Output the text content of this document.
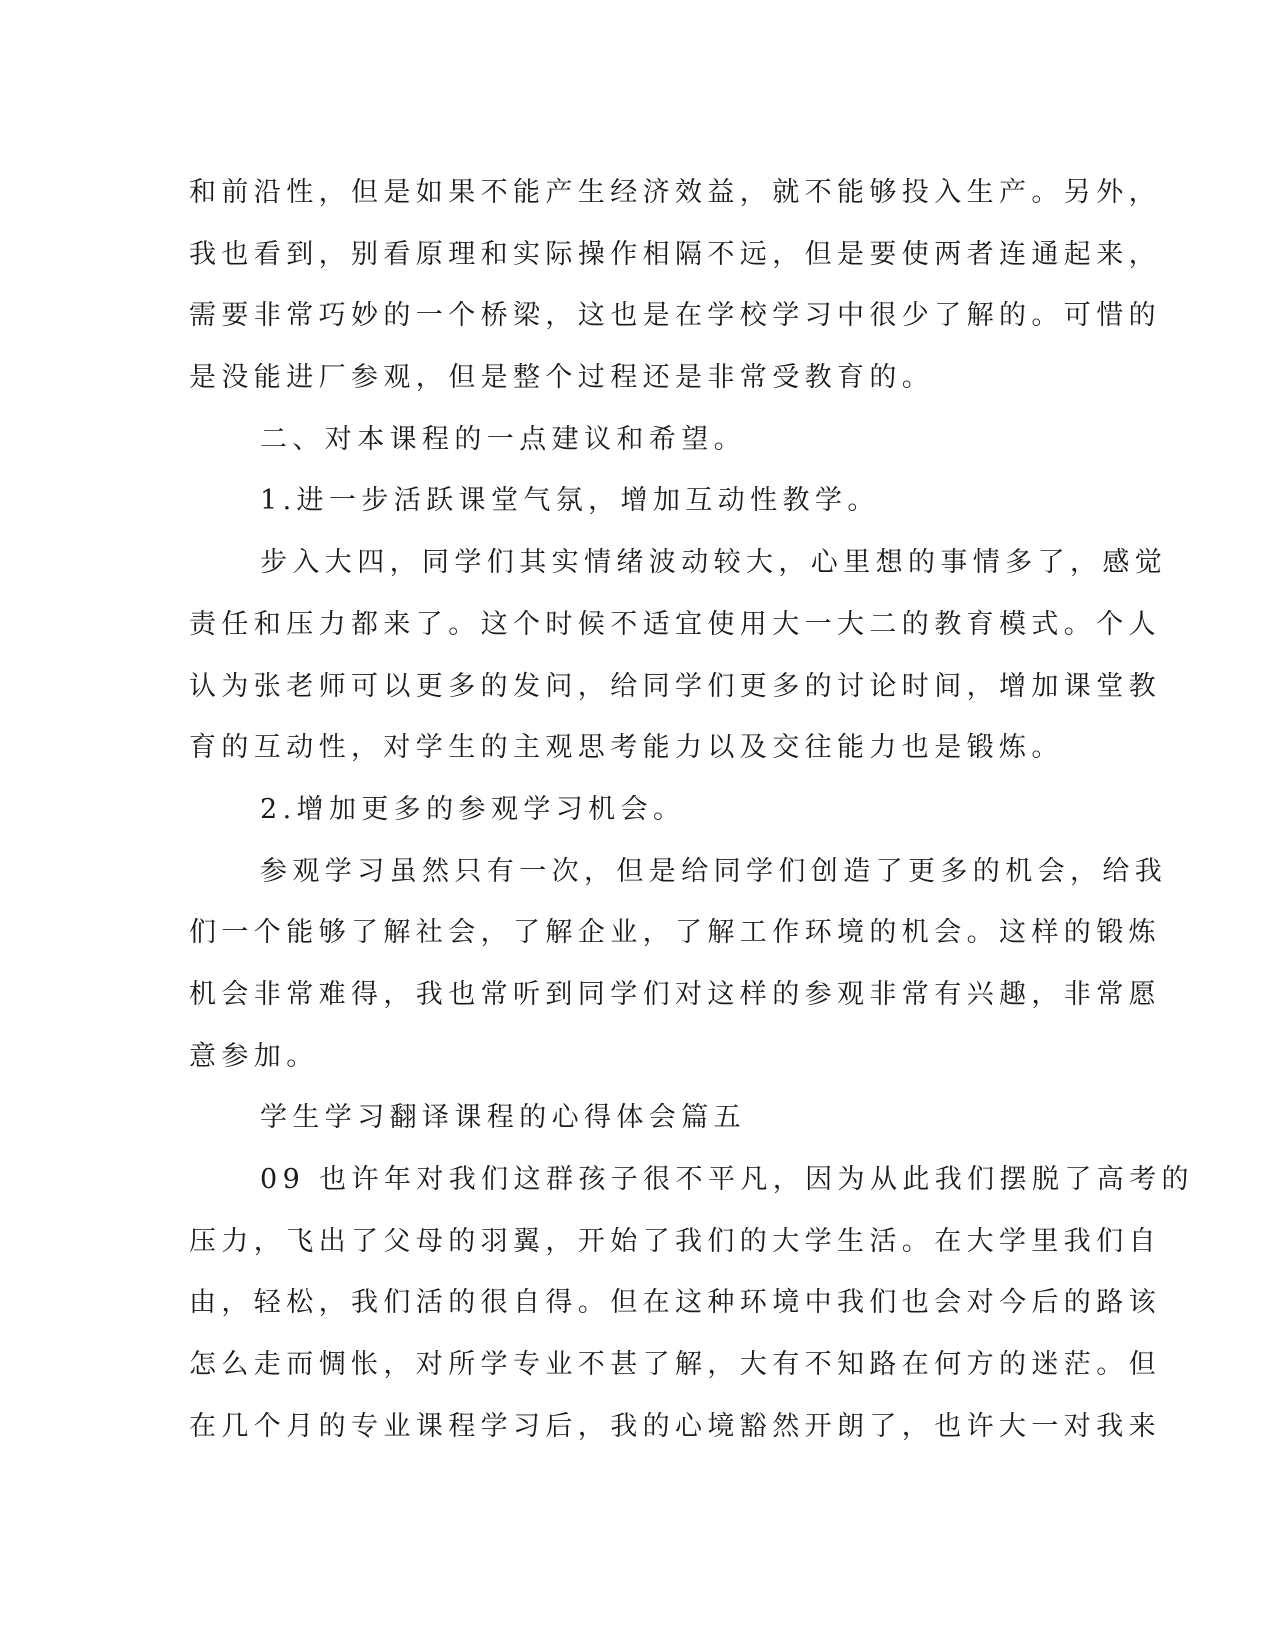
和前沿性，但是如果不能产生经济效益，就不能够投入生产。另外，
我也看到，别看原理和实际操作相隔不远，但是要使两者连通起来，
需要非常巧妙的一个桥梁，这也是在学校学习中很少了解的。可惜的
是没能进厂参观，但是整个过程还是非常受教育的。
二、对本课程的一点建议和希望。
1.进一步活跃课堂气氛，增加互动性教学。
步入大四，同学们其实情绪波动较大，心里想的事情多了，感觉
责任和压力都来了。这个时候不适宜使用大一大二的教育模式。个人
认为张老师可以更多的发问，给同学们更多的讨论时间，增加课堂教
育的互动性，对学生的主观思考能力以及交往能力也是锻炼。
2.增加更多的参观学习机会。
参观学习虽然只有一次，但是给同学们创造了更多的机会，给我
们一个能够了解社会，了解企业，了解工作环境的机会。这样的锻炼
机会非常难得，我也常听到同学们对这样的参观非常有兴趣，非常愿
意参加。
学生学习翻译课程的心得体会篇五
09 也许年对我们这群孩子很不平凡，因为从此我们摆脱了高考的
压力，飞出了父母的羽翼，开始了我们的大学生活。在大学里我们自
由，轻松，我们活的很自得。但在这种环境中我们也会对今后的路该
怎么走而惆怅，对所学专业不甚了解，大有不知路在何方的迷茫。但
在几个月的专业课程学习后，我的心境豁然开朗了，也许大一对我来
